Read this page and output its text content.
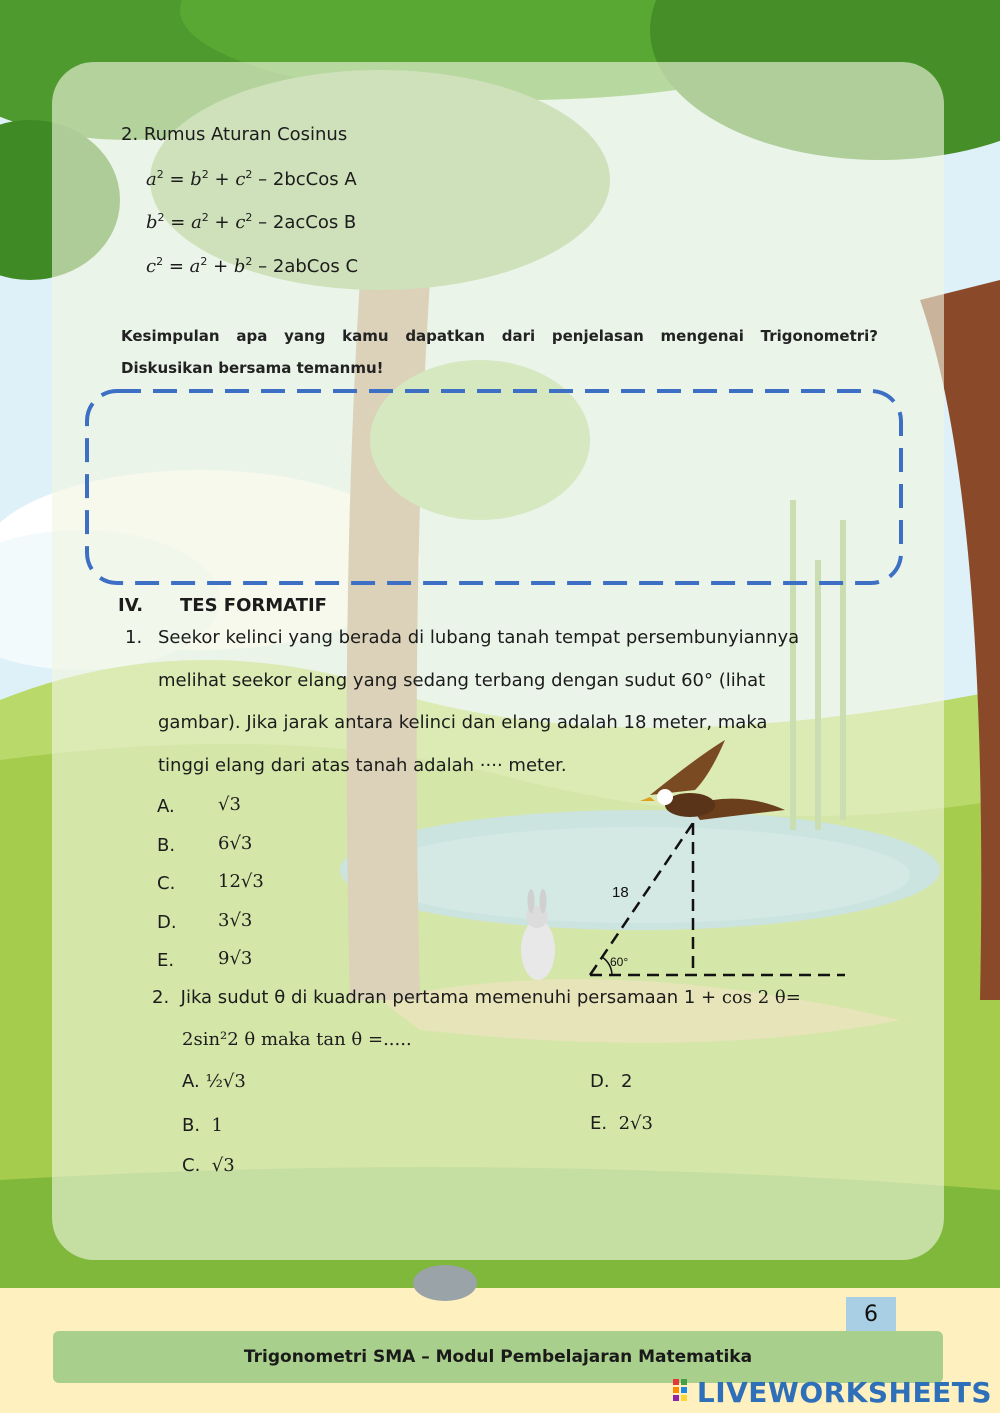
2. Rumus Aturan Cosinus
$a^2 = b^2 + c^2$ – 2bcCos A
$b^2 = a^2 + c^2$ – 2acCos B
$c^2 = a^2 + b^2$ – 2abCos C
Kesimpulan apa yang kamu dapatkan dari penjelasan mengenai Trigonometri? Diskusikan bersama temanmu!
IV. TES FORMATIF
1. Seekor kelinci yang berada di lubang tanah tempat persembunyiannya
melihat seekor elang yang sedang terbang dengan sudut 60° (lihat
gambar). Jika jarak antara kelinci dan elang adalah 18 meter, maka
tinggi elang dari atas tanah adalah ···· meter.
A. √3
B. 6√3
C. 12√3
D. 3√3
E. 9√3
18
60°
2. Jika sudut θ di kuadran pertama memenuhi persamaan 1 + cos 2 θ=
2sin²2 θ maka tan θ =.....
A. ½√3
B. 1
C. √3
D. 2
E. 2√3
6
Trigonometri SMA – Modul Pembelajaran Matematika
LIVEWORKSHEETS
